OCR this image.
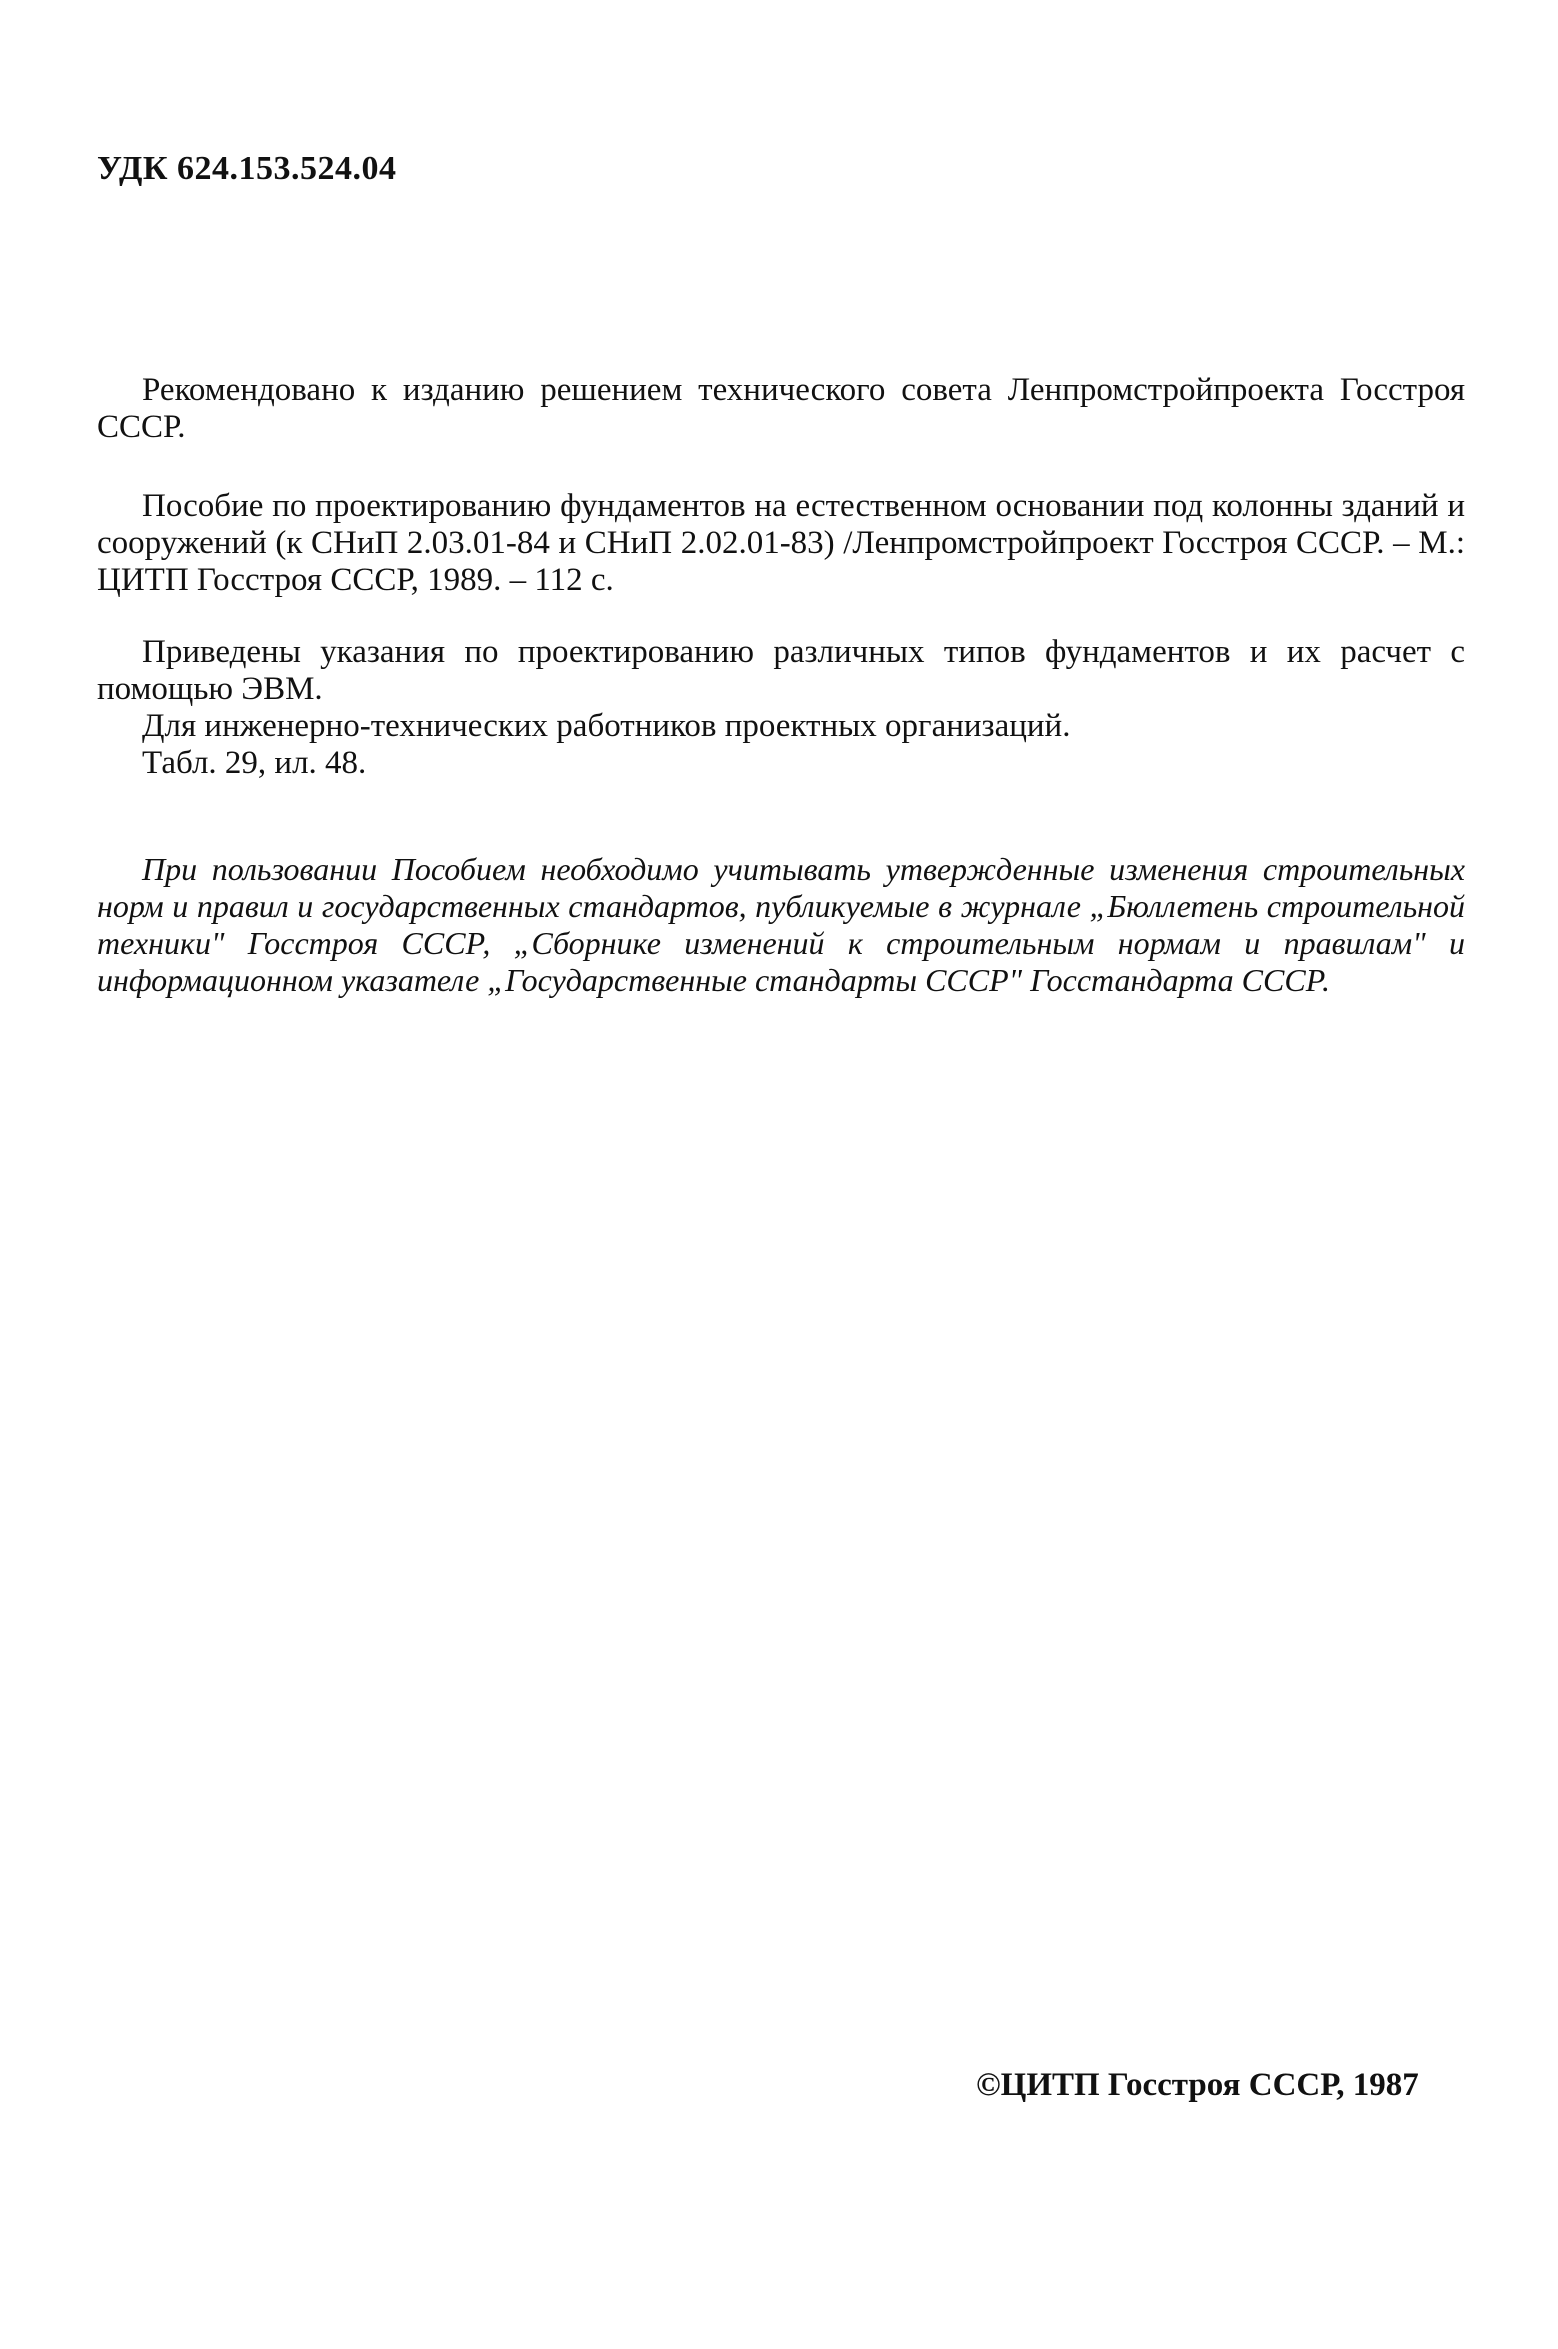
УДК 624.153.524.04

Рекомендовано к изданию решением технического совета Ленпромстройпроекта Госстроя СССР.

Пособие по проектированию фундаментов на естественном основании под колонны зданий и сооружений (к СНиП 2.03.01-84 и СНиП 2.02.01-83) /Ленпромстройпроект Госстроя СССР. – М.: ЦИТП Госстроя СССР, 1989. – 112 с.

Приведены указания по проектированию различных типов фундаментов и их расчет с помощью ЭВМ.

Для инженерно-технических работников проектных организаций.

Табл. 29, ил. 48.

При пользовании Пособием необходимо учитывать утвержденные изменения строительных норм и правил и государственных стандартов, публикуемые в журнале „Бюллетень строительной техники" Госстроя СССР, „Сборнике изменений к строительным нормам и правилам" и информационном указателе „Государственные стандарты СССР" Госстандарта СССР.

©ЦИТП Госстроя СССР, 1987
